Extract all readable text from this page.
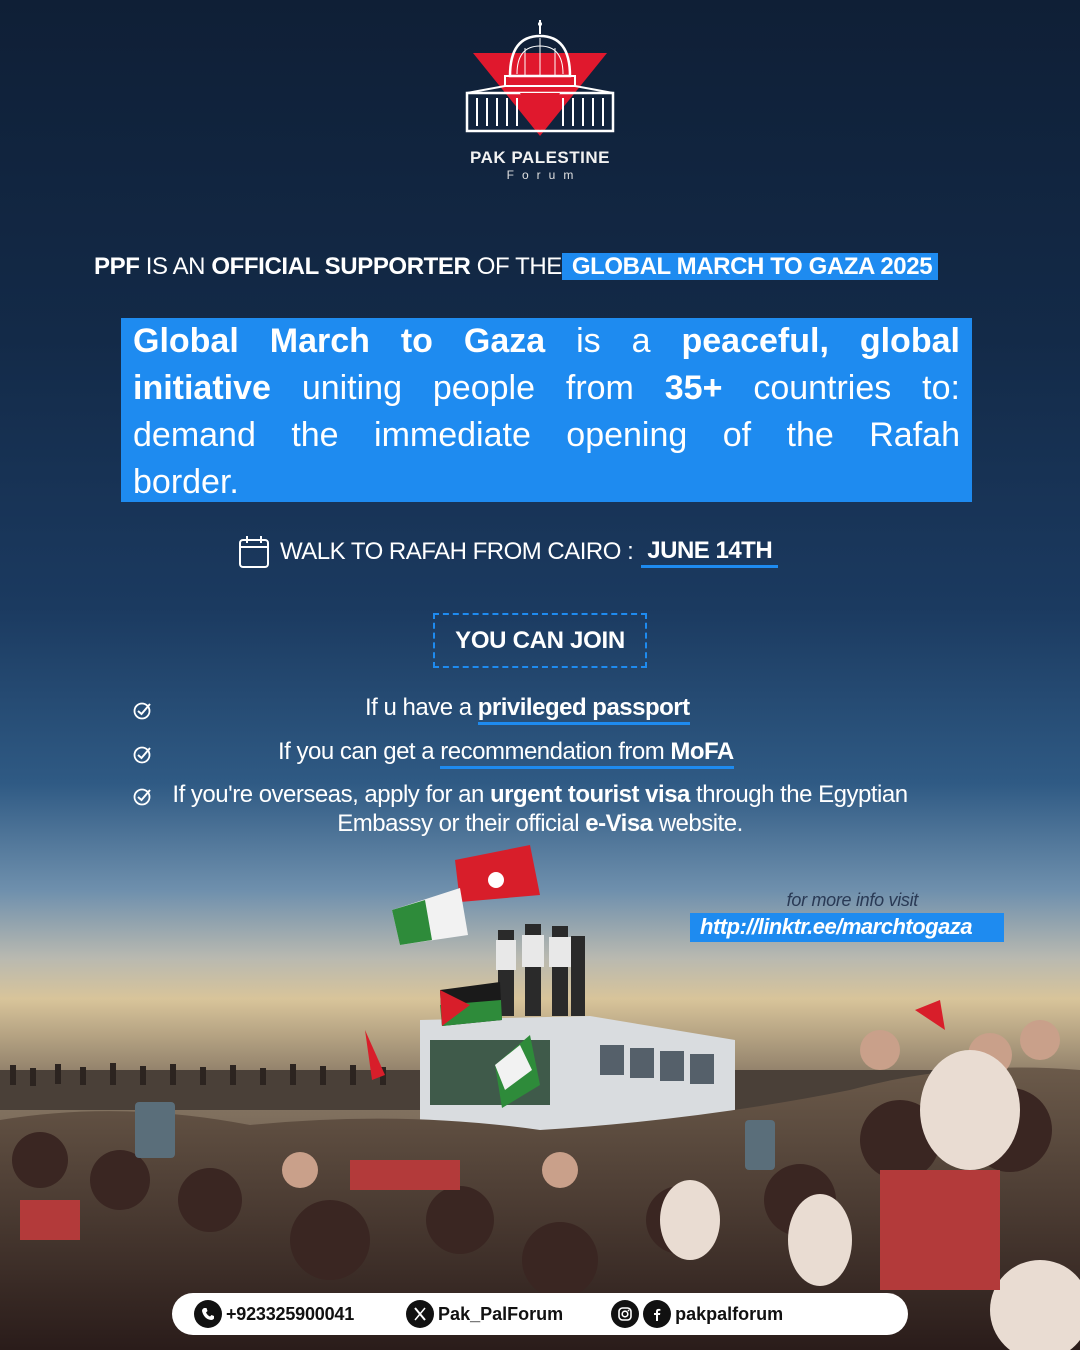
PAK PALESTINE
Forum
PPF IS AN OFFICIAL SUPPORTER OF THE GLOBAL MARCH TO GAZA 2025
Global March to Gaza is a peaceful, global
initiative uniting people from 35+ countries to:
demand the immediate opening of the Rafah
border.
WALK TO RAFAH FROM CAIRO : JUNE 14TH
YOU CAN JOIN
If u have a privileged passport
If you can get a recommendation from MoFA
If you're overseas, apply for an urgent tourist visa through the Egyptian Embassy or their official e-Visa website.
for more info visit
http://linktr.ee/marchtogaza
+923325900041	Pak_PalForum	pakpalforum
